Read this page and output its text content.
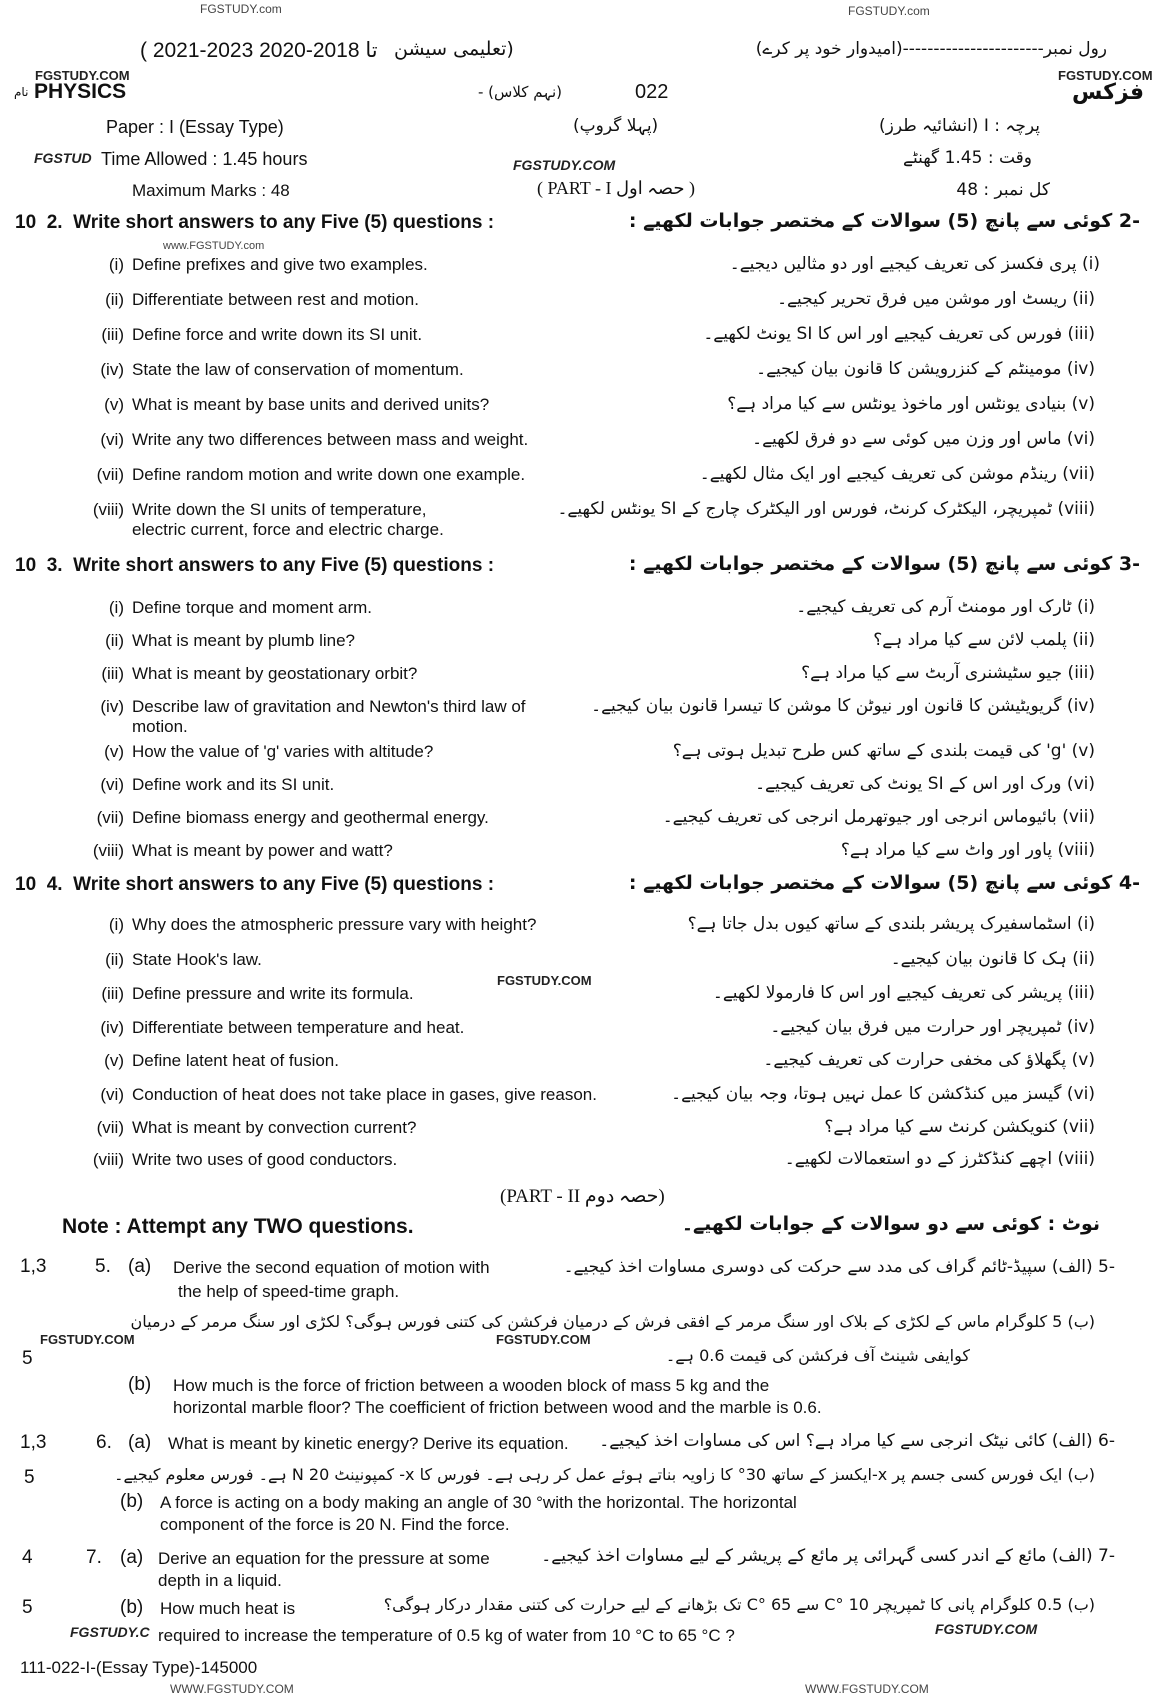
FGSTUDY.com	FGSTUDY.com
FGSTUDY.COM	FGSTUDY.COM
FGSTUDY.COM
www.FGSTUDY.com
FGSTUDY.COM
FGSTUDY.COM	FGSTUDY.COM
FGSTUDY.COM
WWW.FGSTUDY.COM	WWW.FGSTUDY.COM
( 2021-2023 ﺗﺎ 2018-2020 (تعلیمی سیشن	رول نمبر-----------------------(امیدوار خود پر کرے)
نام PHYSICS	(نہم کلاس) -	022	فزکس
Paper : I (Essay Type)	(پہلا گروپ)	پرچہ : I (انشائیہ طرز)
FGSTUD Time Allowed : 1.45 hours	وقت : 1.45 گھنٹے
Maximum Marks : 48	( PART - I حصہ اول )	کل نمبر : 48
10 2. Write short answers to any Five (5) questions :	-2 کوئی سے پانچ (5) سوالات کے مختصر جوابات لکھیے :
(i) Define prefixes and give two examples.	(i) پری فکسز کی تعریف کیجیے اور دو مثالیں دیجیے۔
(ii) Differentiate between rest and motion.	(ii) ریسٹ اور موشن میں فرق تحریر کیجیے۔
(iii) Define force and write down its SI unit.	(iii) فورس کی تعریف کیجیے اور اس کا SI یونٹ لکھیے۔
(iv) State the law of conservation of momentum.	(iv) مومینٹم کے کنزرویشن کا قانون بیان کیجیے۔
(v) What is meant by base units and derived units?	(v) بنیادی یونٹس اور ماخوذ یونٹس سے کیا مراد ہے؟
(vi) Write any two differences between mass and weight.	(vi) ماس اور وزن میں کوئی سے دو فرق لکھیے۔
(vii) Define random motion and write down one example.	(vii) رینڈم موشن کی تعریف کیجیے اور ایک مثال لکھیے۔
(viii) Write down the SI units of temperature,
electric current, force and electric charge.
(viii) ٹمپریچر، الیکٹرک کرنٹ، فورس اور الیکٹرک چارج کے SI یونٹس لکھیے۔
10 3. Write short answers to any Five (5) questions :	-3 کوئی سے پانچ (5) سوالات کے مختصر جوابات لکھیے :
(i) Define torque and moment arm.	(i) ٹارک اور مومنٹ آرم کی تعریف کیجیے۔
(ii) What is meant by plumb line?	(ii) پلمب لائن سے کیا مراد ہے؟
(iii) What is meant by geostationary orbit?	(iii) جیو سٹیشنری آربٹ سے کیا مراد ہے؟
(iv) Describe law of gravitation and Newton's third law of
motion.
(iv) گریویٹیشن کا قانون اور نیوٹن کا موشن کا تیسرا قانون بیان کیجیے۔
(v) How the value of 'g' varies with altitude?	(v) 'g' کی قیمت بلندی کے ساتھ کس طرح تبدیل ہوتی ہے؟
(vi) Define work and its SI unit.	(vi) ورک اور اس کے SI یونٹ کی تعریف کیجیے۔
(vii) Define biomass energy and geothermal energy.	(vii) بائیوماس انرجی اور جیوتھرمل انرجی کی تعریف کیجیے۔
(viii) What is meant by power and watt?	(viii) پاور اور واٹ سے کیا مراد ہے؟
10 4. Write short answers to any Five (5) questions :	-4 کوئی سے پانچ (5) سوالات کے مختصر جوابات لکھیے :
(i) Why does the atmospheric pressure vary with height?	(i) اسٹماسفیرک پریشر بلندی کے ساتھ کیوں بدل جاتا ہے؟
(ii) State Hook's law.	(ii) ہک کا قانون بیان کیجیے۔
(iii) Define pressure and write its formula.	(iii) پریشر کی تعریف کیجیے اور اس کا فارمولا لکھیے۔
(iv) Differentiate between temperature and heat.	(iv) ٹمپریچر اور حرارت میں فرق بیان کیجیے۔
(v) Define latent heat of fusion.	(v) پگھلاؤ کی مخفی حرارت کی تعریف کیجیے۔
(vi) Conduction of heat does not take place in gases, give reason.	(vi) گیسز میں کنڈکشن کا عمل نہیں ہوتا، وجہ بیان کیجیے۔
(vii) What is meant by convection current?	(vii) کنویکشن کرنٹ سے کیا مراد ہے؟
(viii) Write two uses of good conductors.	(viii) اچھے کنڈکٹرز کے دو استعمالات لکھیے۔
(PART - II حصہ دوم)
Note : Attempt any TWO questions.	نوٹ : کوئی سے دو سوالات کے جوابات لکھیے۔
1,3	5. (a) Derive the second equation of motion with
the help of speed-time graph.
-5 (الف) سپیڈ-ٹائم گراف کی مدد سے حرکت کی دوسری مساوات اخذ کیجیے۔
(ب) 5 کلوگرام ماس کے لکڑی کے بلاک اور سنگ مرمر کے افقی فرش کے درمیان فرکشن کی کتنی فورس ہوگی؟ لکڑی اور سنگ مرمر کے درمیان
کوایفی شینٹ آف فرکشن کی قیمت 0.6 ہے۔
5
(b) How much is the force of friction between a wooden block of mass 5 kg and the
horizontal marble floor? The coefficient of friction between wood and the marble is 0.6.
1,3	6. (a) What is meant by kinetic energy? Derive its equation.	-6 (الف) کائی نیٹک انرجی سے کیا مراد ہے؟ اس کی مساوات اخذ کیجیے۔
(ب) ایک فورس کسی جسم پر x-ایکسز کے ساتھ 30° کا زاویہ بناتے ہوئے عمل کر رہی ہے۔ فورس کا x- کمپونینٹ 20 N ہے۔ فورس معلوم کیجیے۔
5
(b) A force is acting on a body making an angle of 30 °with the horizontal. The horizontal
component of the force is 20 N. Find the force.
4	7. (a) Derive an equation for the pressure at some
depth in a liquid.
-7 (الف) مائع کے اندر کسی گہرائی پر مائع کے پریشر کے لیے مساوات اخذ کیجیے۔
5	(b) How much heat is	(ب) 0.5 کلوگرام پانی کا ٹمپریچر 10 °C سے 65 °C تک بڑھانے کے لیے حرارت کی کتنی مقدار درکار ہوگی؟
FGSTUDY.C required to increase the temperature of 0.5 kg of water from 10 °C to 65 °C ?
111-022-I-(Essay Type)-145000
